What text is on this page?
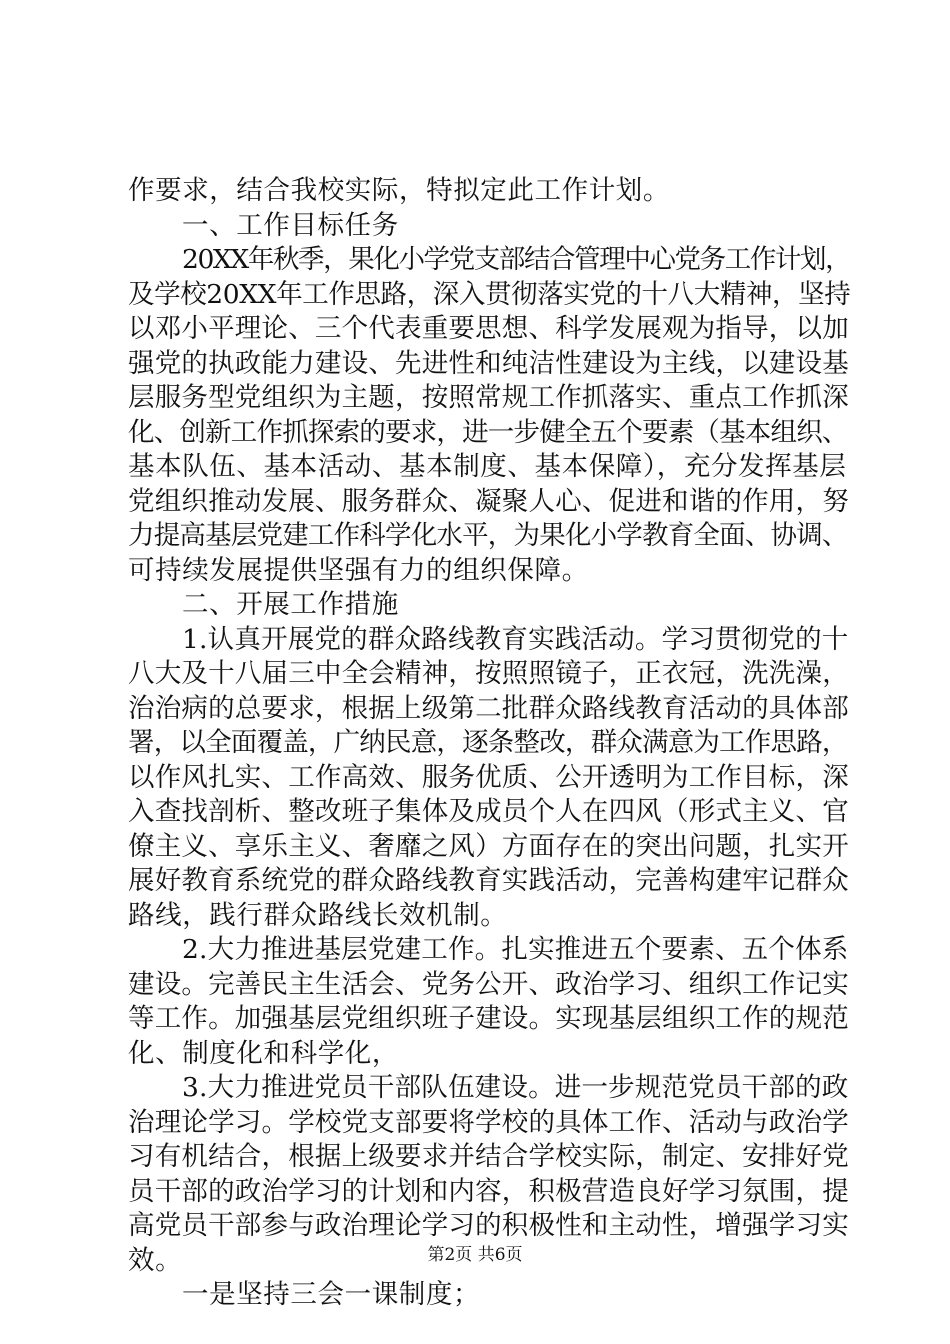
作要求，结合我校实际，特拟定此工作计划。
一、工作目标任务
20XX年秋季，果化小学党支部结合管理中心党务工作计划，
及学校20XX年工作思路，深入贯彻落实党的十八大精神，坚持
以邓小平理论、三个代表重要思想、科学发展观为指导，以加
强党的执政能力建设、先进性和纯洁性建设为主线，以建设基
层服务型党组织为主题，按照常规工作抓落实、重点工作抓深
化、创新工作抓探索的要求，进一步健全五个要素（基本组织、
基本队伍、基本活动、基本制度、基本保障），充分发挥基层
党组织推动发展、服务群众、凝聚人心、促进和谐的作用，努
力提高基层党建工作科学化水平，为果化小学教育全面、协调、
可持续发展提供坚强有力的组织保障。
二、开展工作措施
1.认真开展党的群众路线教育实践活动。学习贯彻党的十
八大及十八届三中全会精神，按照照镜子，正衣冠，洗洗澡，
治治病的总要求，根据上级第二批群众路线教育活动的具体部
署，以全面覆盖，广纳民意，逐条整改，群众满意为工作思路，
以作风扎实、工作高效、服务优质、公开透明为工作目标，深
入查找剖析、整改班子集体及成员个人在四风（形式主义、官
僚主义、享乐主义、奢靡之风）方面存在的突出问题，扎实开
展好教育系统党的群众路线教育实践活动，完善构建牢记群众
路线，践行群众路线长效机制。
2.大力推进基层党建工作。扎实推进五个要素、五个体系
建设。完善民主生活会、党务公开、政治学习、组织工作记实
等工作。加强基层党组织班子建设。实现基层组织工作的规范
化、制度化和科学化，
3.大力推进党员干部队伍建设。进一步规范党员干部的政
治理论学习。学校党支部要将学校的具体工作、活动与政治学
习有机结合，根据上级要求并结合学校实际，制定、安排好党
员干部的政治学习的计划和内容，积极营造良好学习氛围，提
高党员干部参与政治理论学习的积极性和主动性，增强学习实
效。
一是坚持三会一课制度；
第2页 共6页
